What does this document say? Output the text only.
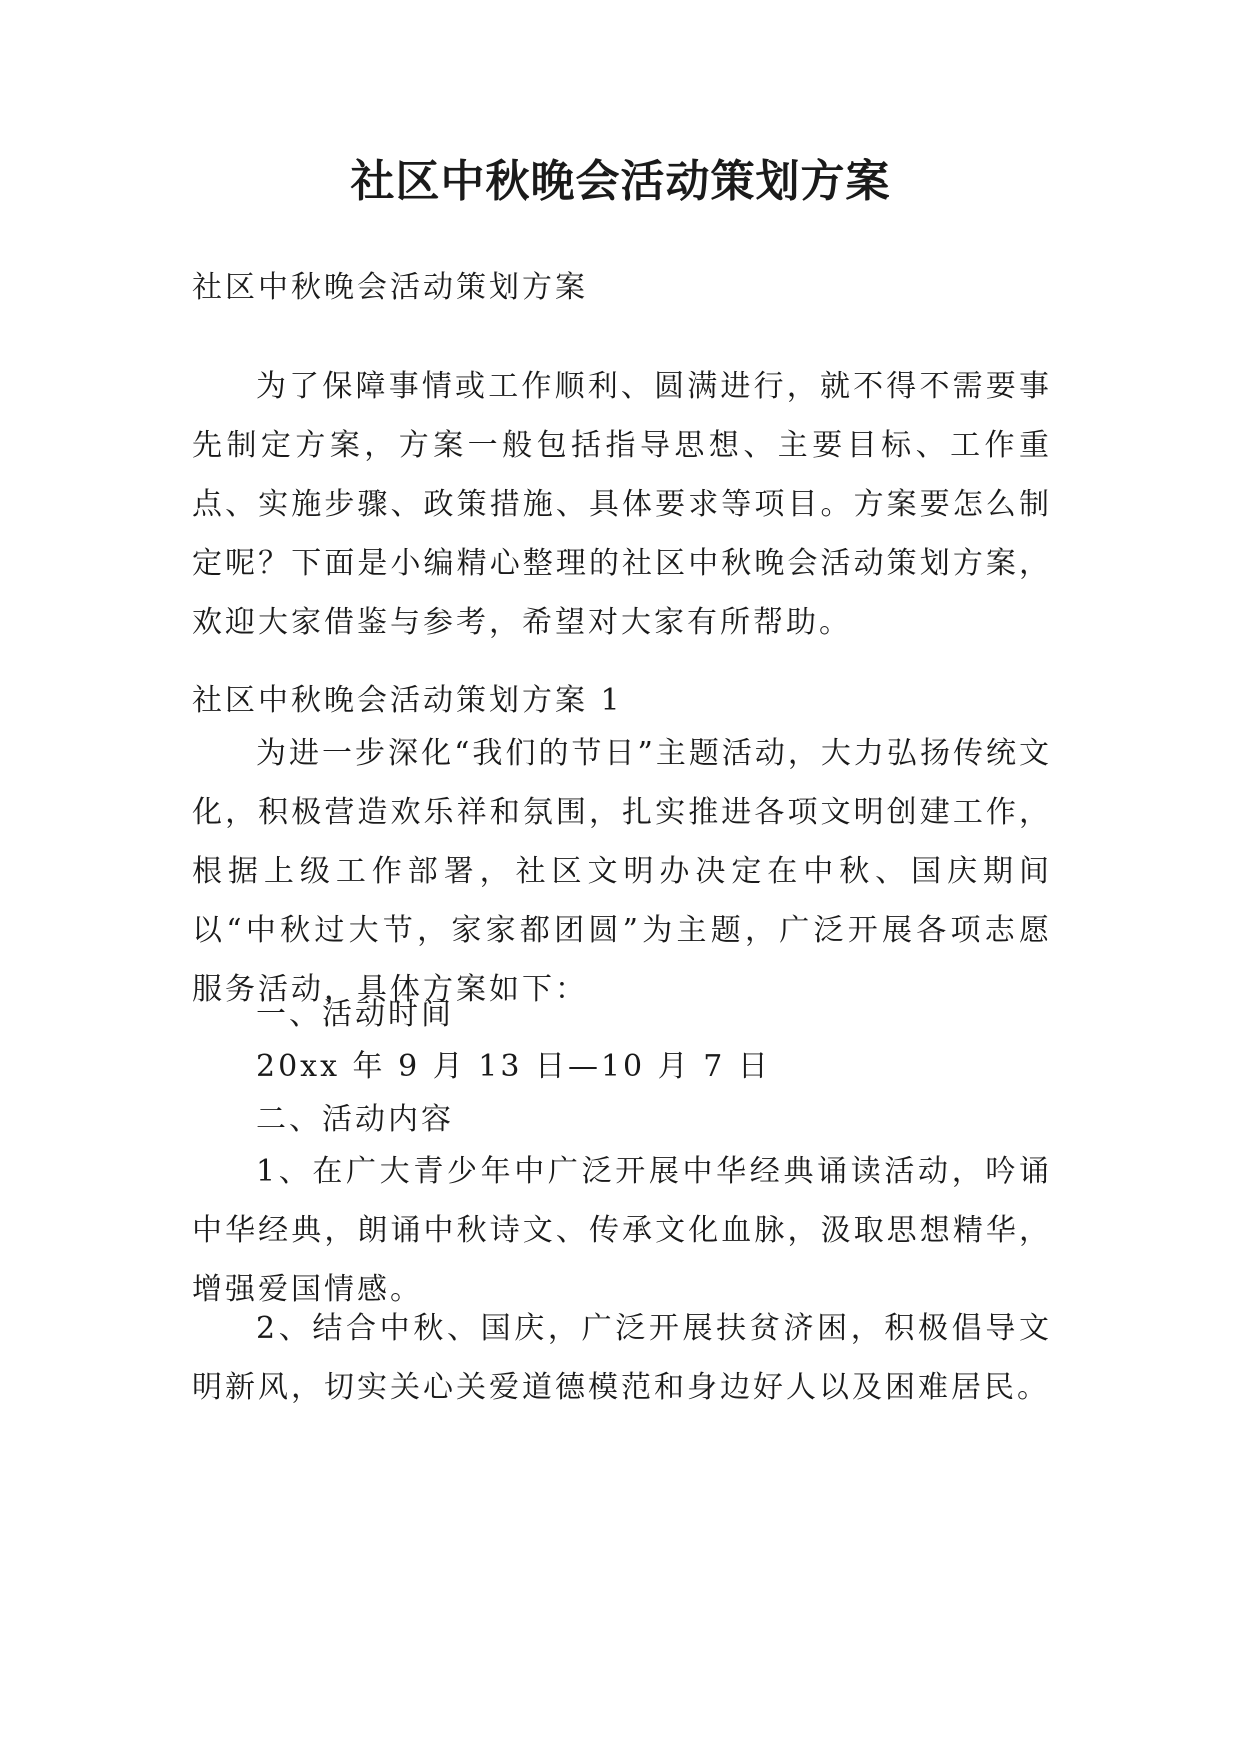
社区中秋晚会活动策划方案

社区中秋晚会活动策划方案

为了保障事情或工作顺利、圆满进行，就不得不需要事先制定方案，方案一般包括指导思想、主要目标、工作重点、实施步骤、政策措施、具体要求等项目。方案要怎么制定呢？下面是小编精心整理的社区中秋晚会活动策划方案，欢迎大家借鉴与参考，希望对大家有所帮助。

社区中秋晚会活动策划方案 1

为进一步深化“我们的节日”主题活动，大力弘扬传统文化，积极营造欢乐祥和氛围，扎实推进各项文明创建工作，根据上级工作部署，社区文明办决定在中秋、国庆期间以“中秋过大节，家家都团圆”为主题，广泛开展各项志愿服务活动，具体方案如下：

一、活动时间

20xx 年 9 月 13 日—10 月 7 日

二、活动内容

1、在广大青少年中广泛开展中华经典诵读活动，吟诵中华经典，朗诵中秋诗文、传承文化血脉，汲取思想精华，增强爱国情感。

2、结合中秋、国庆，广泛开展扶贫济困，积极倡导文明新风，切实关心关爱道德模范和身边好人以及困难居民。
